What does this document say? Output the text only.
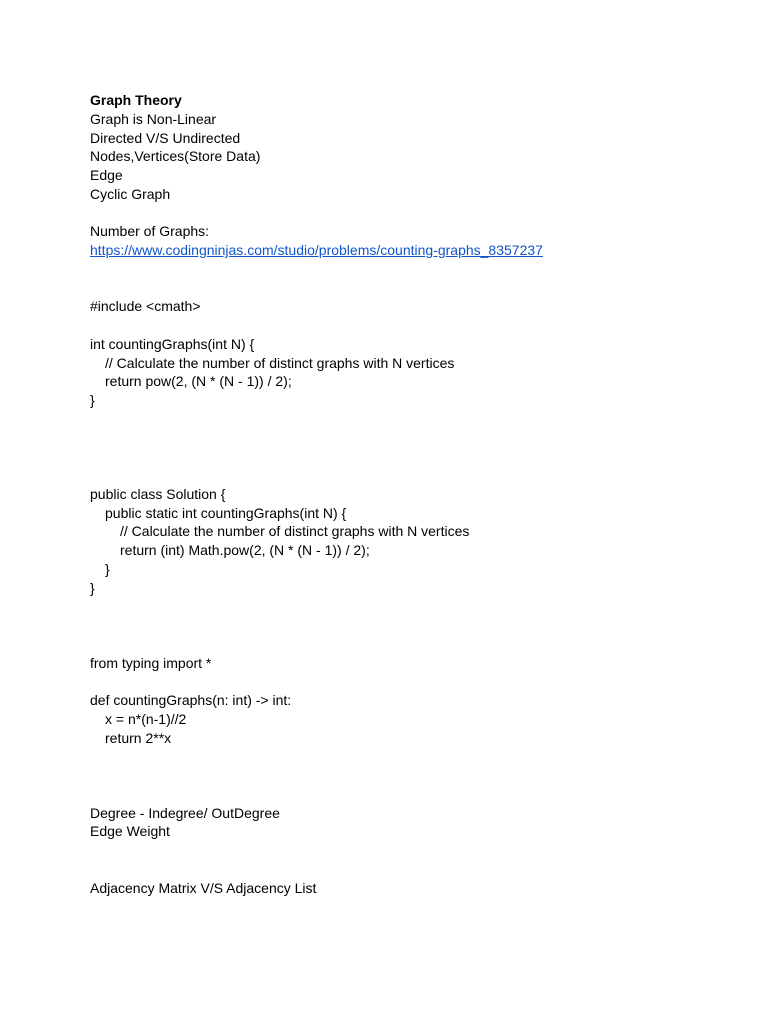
Graph Theory
Graph is Non-Linear
Directed V/S Undirected
Nodes,Vertices(Store Data)
Edge
Cyclic Graph
Number of Graphs:
https://www.codingninjas.com/studio/problems/counting-graphs_8357237
#include <cmath>
int countingGraphs(int N) {
// Calculate the number of distinct graphs with N vertices
return pow(2, (N * (N - 1)) / 2);
}
public class Solution {
public static int countingGraphs(int N) {
// Calculate the number of distinct graphs with N vertices
return (int) Math.pow(2, (N * (N - 1)) / 2);
}
}
from typing import *
def countingGraphs(n: int) -> int:
x = n*(n-1)//2
return 2**x
Degree - Indegree/ OutDegree
Edge Weight
Adjacency Matrix V/S Adjacency List
